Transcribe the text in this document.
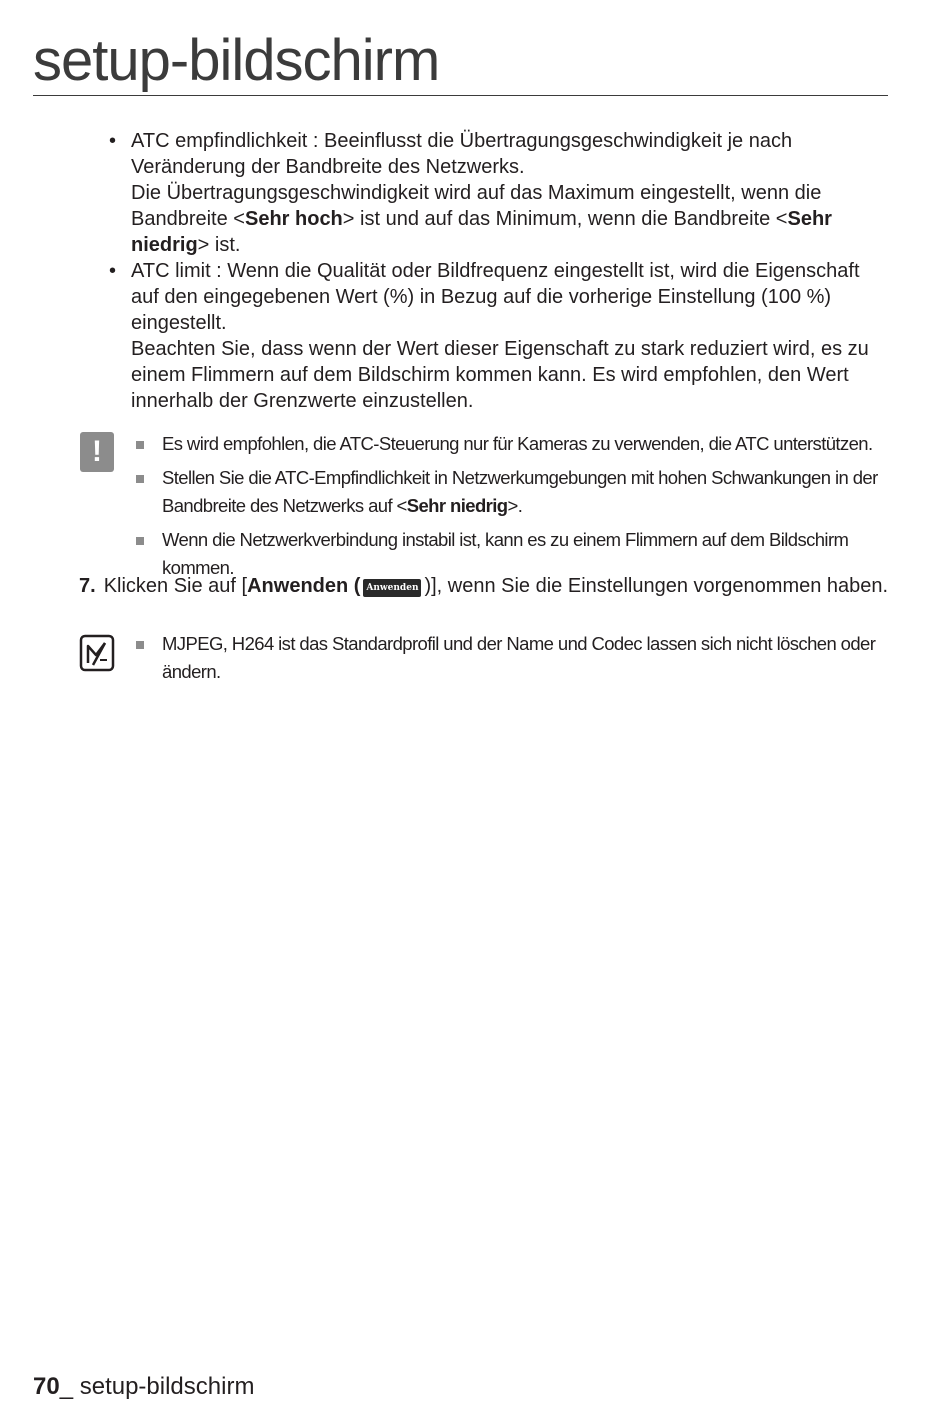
setup-bildschirm
• ATC empfindlichkeit : Beeinflusst die Übertragungsgeschwindigkeit je nach Veränderung der Bandbreite des Netzwerks.

Die Übertragungsgeschwindigkeit wird auf das Maximum eingestellt, wenn die Bandbreite <Sehr hoch> ist und auf das Minimum, wenn die Bandbreite <Sehr niedrig> ist.

• ATC limit : Wenn die Qualität oder Bildfrequenz eingestellt ist, wird die Eigenschaft auf den eingegebenen Wert (%) in Bezug auf die vorherige Einstellung (100 %) eingestellt.

Beachten Sie, dass wenn der Wert dieser Eigenschaft zu stark reduziert wird, es zu einem Flimmern auf dem Bildschirm kommen kann. Es wird empfohlen, den Wert innerhalb der Grenzwerte einzustellen.

!	Es wird empfohlen, die ATC-Steuerung nur für Kameras zu verwenden, die ATC unterstützen.
Stellen Sie die ATC-Empfindlichkeit in Netzwerkumgebungen mit hohen Schwankungen in der Bandbreite des Netzwerks auf <Sehr niedrig>.
Wenn die Netzwerkverbindung instabil ist, kann es zu einem Flimmern auf dem Bildschirm kommen.
7. Klicken Sie auf [Anwenden ( Anwenden )], wenn Sie die Einstellungen vorgenommen haben.
MJPEG, H264 ist das Standardprofil und der Name und Codec lassen sich nicht löschen oder ändern.
70_ setup-bildschirm
